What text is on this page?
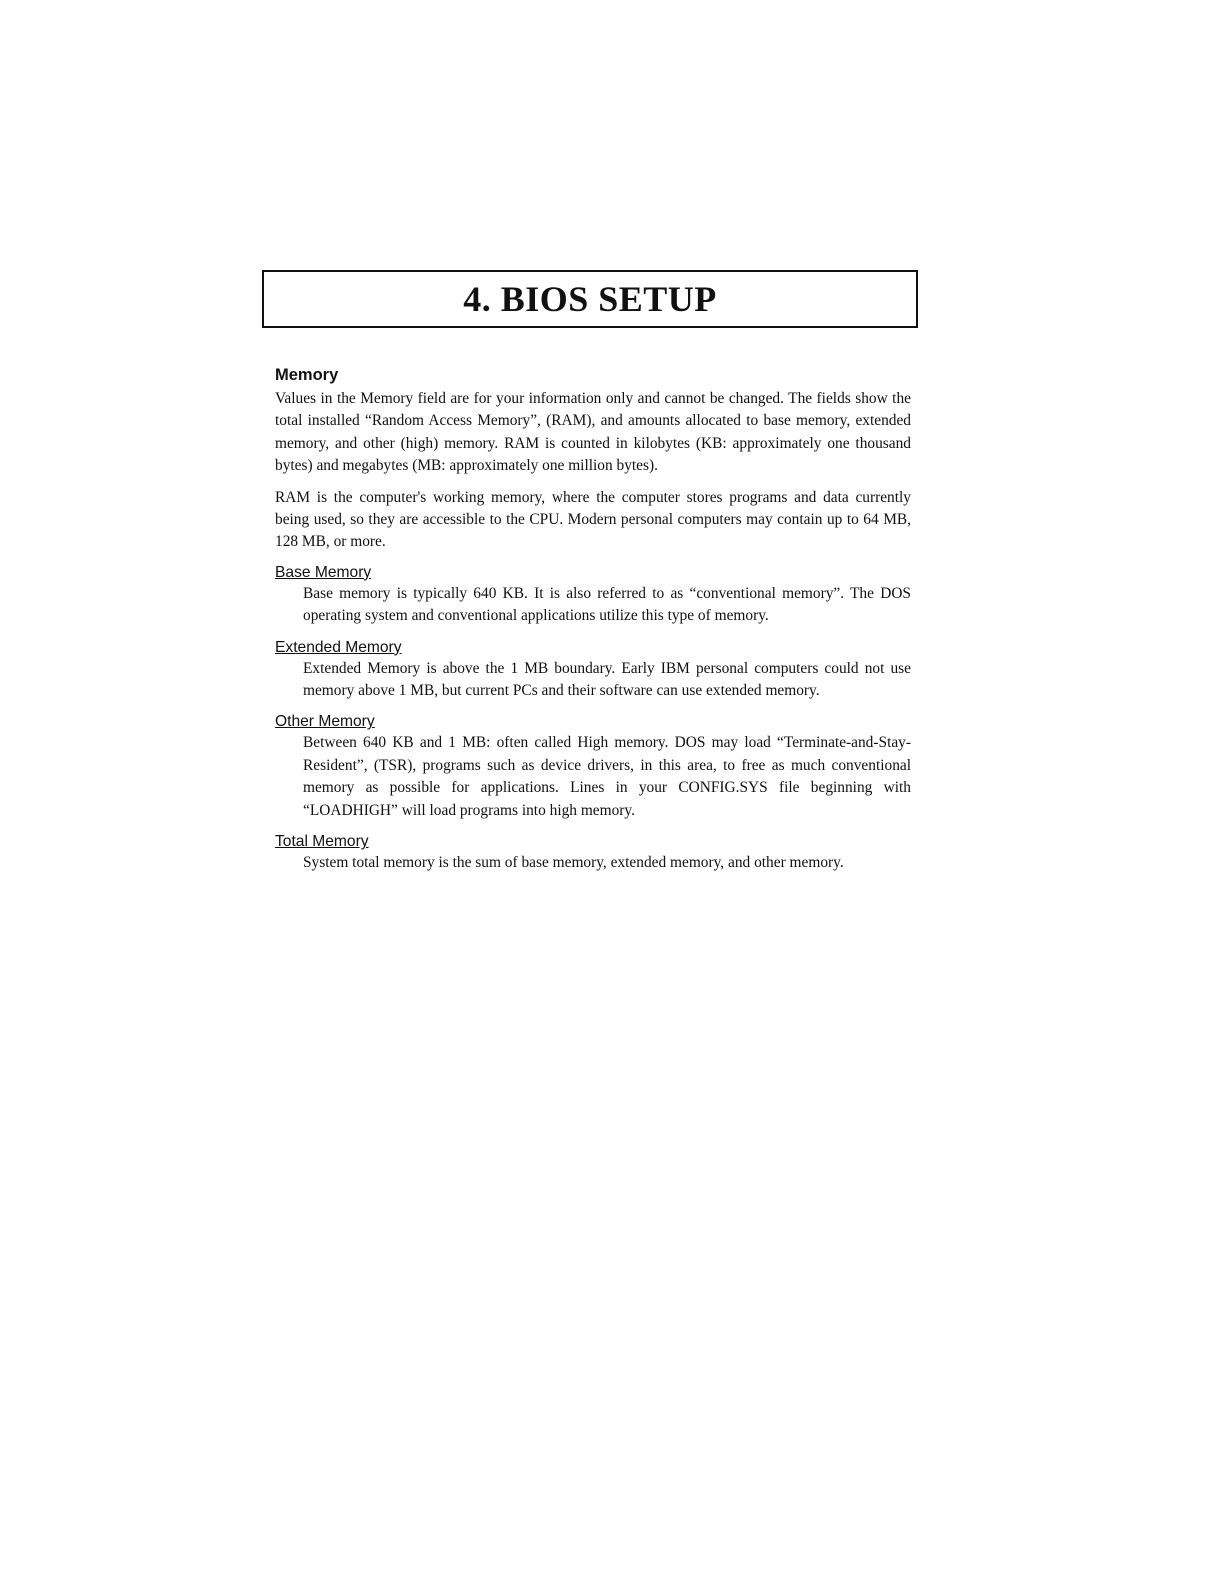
4. BIOS SETUP
Memory

Values in the Memory field are for your information only and cannot be changed. The fields show the total installed “Random Access Memory”, (RAM), and amounts allocated to base memory, extended memory, and other (high) memory. RAM is counted in kilobytes (KB: approximately one thousand bytes) and megabytes (MB: approximately one million bytes).

RAM is the computer's working memory, where the computer stores programs and data currently being used, so they are accessible to the CPU. Modern personal computers may contain up to 64 MB, 128 MB, or more.

Base Memory

Base memory is typically 640 KB. It is also referred to as “conventional memory”. The DOS operating system and conventional applications utilize this type of memory.

Extended Memory

Extended Memory is above the 1 MB boundary. Early IBM personal computers could not use memory above 1 MB, but current PCs and their software can use extended memory.

Other Memory

Between 640 KB and 1 MB: often called High memory. DOS may load “Terminate-and-Stay-Resident”, (TSR), programs such as device drivers, in this area, to free as much conventional memory as possible for applications. Lines in your CONFIG.SYS file beginning with “LOADHIGH” will load programs into high memory.

Total Memory

System total memory is the sum of base memory, extended memory, and other memory.
